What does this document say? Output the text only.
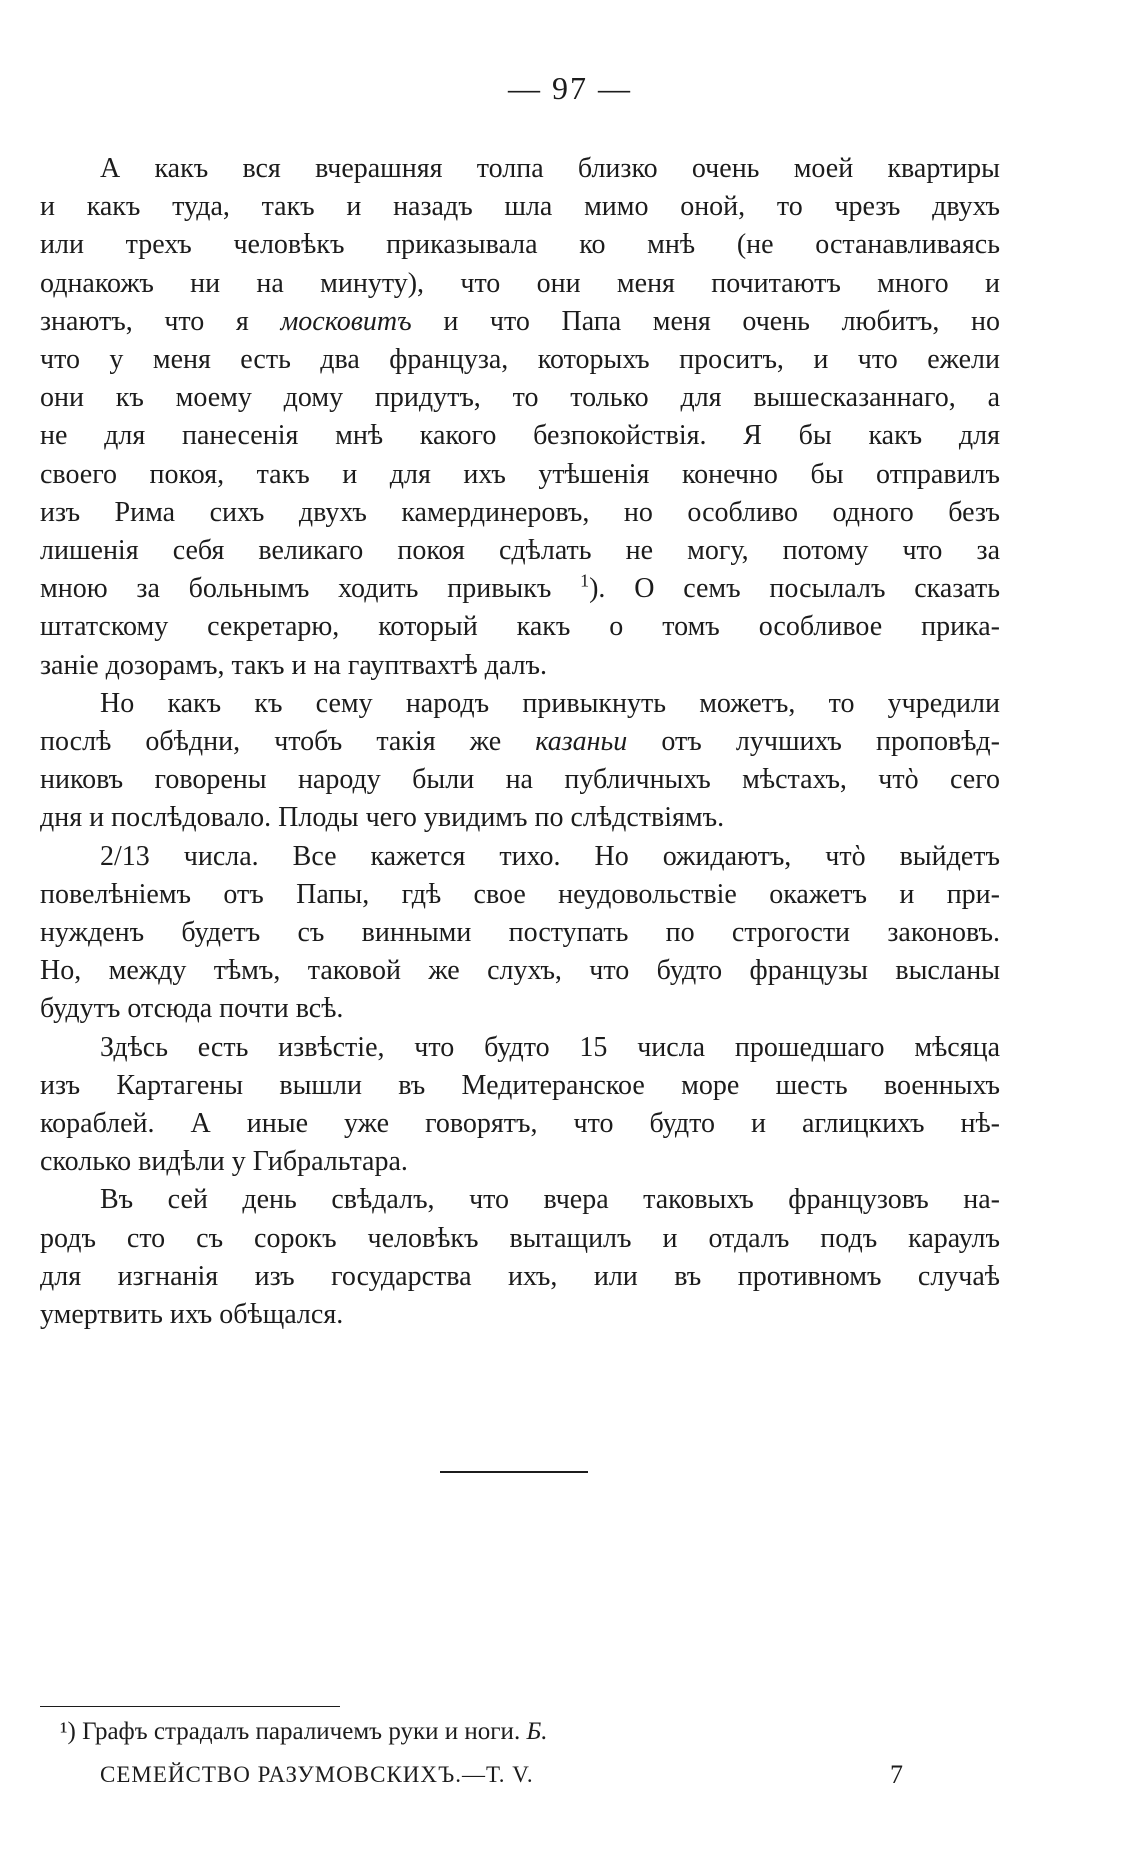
— 97 —
А какъ вся вчерашняя толпа близко очень моей квартиры
и какъ туда, такъ и назадъ шла мимо оной, то чрезъ двухъ
или трехъ человѣкъ приказывала ко мнѣ (не останавливаясь
однакожъ ни на минуту), что они меня почитаютъ много и
знаютъ, что я московитъ и что Папа меня очень любитъ, но
что у меня есть два француза, которыхъ проситъ, и что ежели
они къ моему дому придутъ, то только для вышесказаннаго, а
не для панесенія мнѣ какого безпокойствія. Я бы какъ для
своего покоя, такъ и для ихъ утѣшенія конечно бы отправилъ
изъ Рима сихъ двухъ камердинеровъ, но особливо одного безъ
лишенія себя великаго покоя сдѣлать не могу, потому что за
мною за больнымъ ходить привыкъ $^1$). О семъ посылалъ сказать
штатскому секретарю, который какъ о томъ особливое прика-
заніе дозорамъ, такъ и на гауптвахтѣ далъ.
Но какъ къ сему народъ привыкнуть можетъ, то учредили
послѣ обѣдни, чтобъ такія же казаньи отъ лучшихъ проповѣд-
никовъ говорены народу были на публичныхъ мѣстахъ, чтὸ сего
дня и послѣдовало. Плоды чего увидимъ по слѣдствіямъ.
2/13 числа. Все кажется тихо. Но ожидаютъ, чтὸ выйдетъ
повелѣніемъ отъ Папы, гдѣ свое неудовольствіе окажетъ и при-
нужденъ будетъ съ винными поступать по строгости законовъ.
Но, между тѣмъ, таковой же слухъ, что будто французы высланы
будутъ отсюда почти всѣ.
Здѣсь есть извѣстіе, что будто 15 числа прошедшаго мѣсяца
изъ Картагены вышли въ Медитеранское море шесть военныхъ
кораблей. А иные уже говорятъ, что будто и аглицкихъ нѣ-
сколько видѣли у Гибральтара.
Въ сей день свѣдалъ, что вчера таковыхъ французовъ на-
родъ сто съ сорокъ человѣкъ вытащилъ и отдалъ подъ караулъ
для изгнанія изъ государства ихъ, или въ противномъ случаѣ
умертвить ихъ обѣщался.
¹) Графъ страдалъ параличемъ руки и ноги. Б.
СЕМЕЙСТВО РАЗУМОВСКИХЪ.—Т. V.	7
